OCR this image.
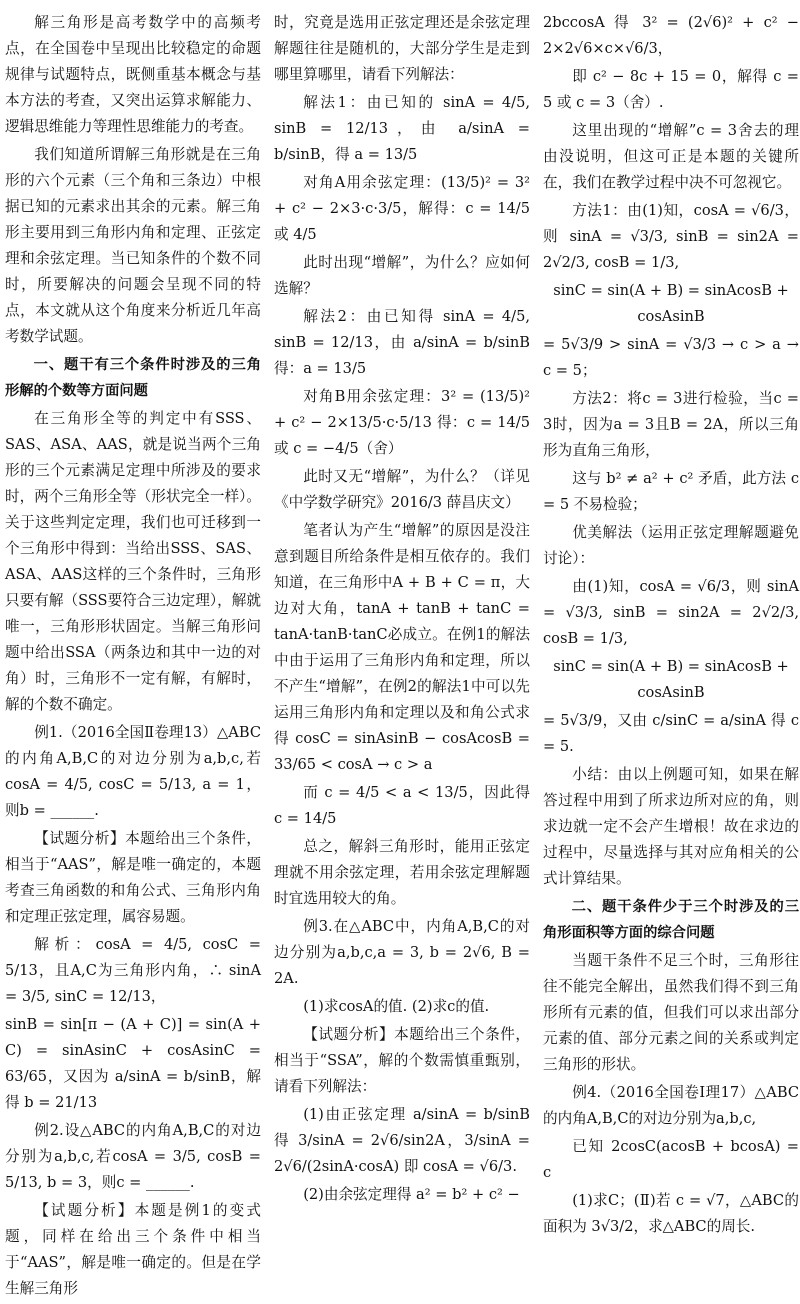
解三角形是高考数学中的高频考点，在全国卷中呈现出比较稳定的命题规律与试题特点，既侧重基本概念与基本方法的考查，又突出运算求解能力、逻辑思维能力等理性思维能力的考查。

我们知道所谓解三角形就是在三角形的六个元素（三个角和三条边）中根据已知的元素求出其余的元素。解三角形主要用到三角形内角和定理、正弦定理和余弦定理。当已知条件的个数不同时，所要解决的问题会呈现不同的特点，本文就从这个角度来分析近几年高考数学试题。

一、题干有三个条件时涉及的三角形解的个数等方面问题

在三角形全等的判定中有SSS、SAS、ASA、AAS，就是说当两个三角形的三个元素满足定理中所涉及的要求时，两个三角形全等（形状完全一样）。关于这些判定定理，我们也可迁移到一个三角形中得到：当给出SSS、SAS、ASA、AAS这样的三个条件时，三角形只要有解（SSS要符合三边定理），解就唯一，三角形形状固定。当解三角形问题中给出SSA（两条边和其中一边的对角）时，三角形不一定有解，有解时，解的个数不确定。

例1.（2016全国Ⅱ卷理13）△ABC的内角A,B,C的对边分别为a,b,c,若cosA = 4/5, cosC = 5/13, a = 1，则b = ______.

【试题分析】本题给出三个条件，相当于“AAS”，解是唯一确定的，本题考查三角函数的和角公式、三角形内角和定理正弦定理，属容易题。

解析：cosA = 4/5, cosC = 5/13，且A,C为三角形内角，∴ sinA = 3/5, sinC = 12/13，

sinB = sin[π − (A + C)] = sin(A + C) = sinAsinC + cosAsinC = 63/65，又因为 a/sinA = b/sinB，解得 b = 21/13

例2.设△ABC的内角A,B,C的对边分别为a,b,c,若cosA = 3/5, cosB = 5/13, b = 3，则c = ______.

【试题分析】本题是例1的变式题，同样在给出三个条件中相当于“AAS”，解是唯一确定的。但是在学生解三角形

时，究竟是选用正弦定理还是余弦定理解题往往是随机的，大部分学生是走到哪里算哪里，请看下列解法：

解法1：由已知的 sinA = 4/5, sinB = 12/13，由 a/sinA = b/sinB，得 a = 13/5

对角A用余弦定理：(13/5)² = 3² + c² − 2×3·c·3/5，解得：c = 14/5 或 4/5

此时出现“增解”，为什么？应如何选解？

解法2：由已知得 sinA = 4/5, sinB = 12/13，由 a/sinA = b/sinB 得：a = 13/5

对角B用余弦定理：3² = (13/5)² + c² − 2×13/5·c·5/13 得：c = 14/5 或 c = −4/5（舍）

此时又无“增解”，为什么？（详见《中学数学研究》2016/3 薛昌庆文）

笔者认为产生“增解”的原因是没注意到题目所给条件是相互依存的。我们知道，在三角形中A + B + C = π，大边对大角，tanA + tanB + tanC = tanA·tanB·tanC必成立。在例1的解法中由于运用了三角形内角和定理，所以不产生“增解”，在例2的解法1中可以先运用三角形内角和定理以及和角公式求得 cosC = sinAsinB − cosAcosB = 33/65 < cosA → c > a

而 c = 4/5 < a < 13/5，因此得 c = 14/5

总之，解斜三角形时，能用正弦定理就不用余弦定理，若用余弦定理解题时宜选用较大的角。

例3.在△ABC中，内角A,B,C的对边分别为a,b,c,a = 3, b = 2√6, B = 2A.

(1)求cosA的值. (2)求c的值.

【试题分析】本题给出三个条件，相当于“SSA”，解的个数需慎重甄别，请看下列解法：

(1)由正弦定理 a/sinA = b/sinB 得 3/sinA = 2√6/sin2A，3/sinA = 2√6/(2sinA·cosA) 即 cosA = √6/3.

(2)由余弦定理得 a² = b² + c² −

2bccosA 得 3² = (2√6)² + c² − 2×2√6×c×√6/3，

即 c² − 8c + 15 = 0，解得 c = 5 或 c = 3（舍）.

这里出现的“增解”c = 3舍去的理由没说明，但这可正是本题的关键所在，我们在教学过程中决不可忽视它。

方法1：由(1)知，cosA = √6/3，则 sinA = √3/3, sinB = sin2A = 2√2/3, cosB = 1/3,

sinC = sin(A + B) = sinAcosB + cosAsinB

= 5√3/9 > sinA = √3/3 → c > a → c = 5；

方法2：将c = 3进行检验，当c = 3时，因为a = 3且B = 2A，所以三角形为直角三角形，

这与 b² ≠ a² + c² 矛盾，此方法 c = 5 不易检验；

优美解法（运用正弦定理解题避免讨论）：

由(1)知，cosA = √6/3，则 sinA = √3/3, sinB = sin2A = 2√2/3, cosB = 1/3,

sinC = sin(A + B) = sinAcosB + cosAsinB

= 5√3/9，又由 c/sinC = a/sinA 得 c = 5.

小结：由以上例题可知，如果在解答过程中用到了所求边所对应的角，则求边就一定不会产生增根！故在求边的过程中，尽量选择与其对应角相关的公式计算结果。

二、题干条件少于三个时涉及的三角形面积等方面的综合问题

当题干条件不足三个时，三角形往往不能完全解出，虽然我们得不到三角形所有元素的值，但我们可以求出部分元素的值、部分元素之间的关系或判定三角形的形状。

例4.（2016全国卷Ⅰ理17）△ABC的内角A,B,C的对边分别为a,b,c,

已知 2cosC(acosB + bcosA) = c

(1)求C；(Ⅱ)若 c = √7，△ABC的面积为 3√3/2，求△ABC的周长.
